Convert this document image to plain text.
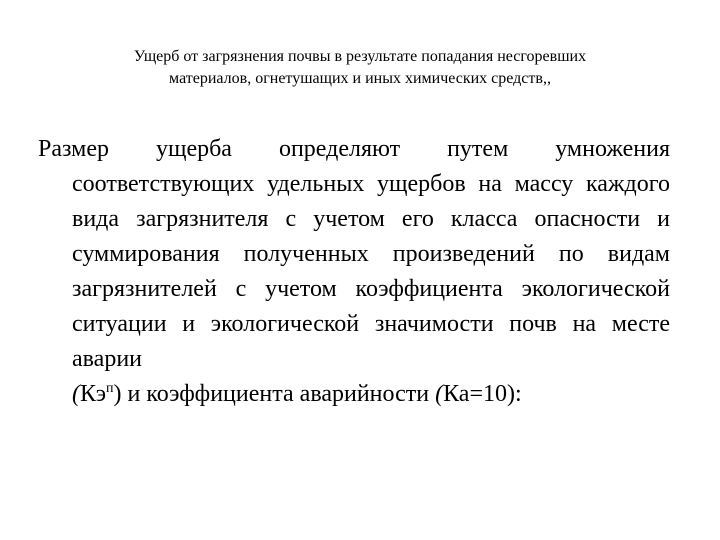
Ущерб от загрязнения почвы в результате попадания несгоревших
материалов, огнетушащих и иных химических средств,,

Размер ущерба определяют путем умножения соответствующих удельных ущербов на массу каждого вида загрязнителя с учетом его класса опасности и суммирования полученных произведений по видам загрязнителей с учетом коэффициента экологической ситуации и экологической значимости почв на месте аварии

$(Кэ^п)$ и коэффициента аварийности (Ка=10):
